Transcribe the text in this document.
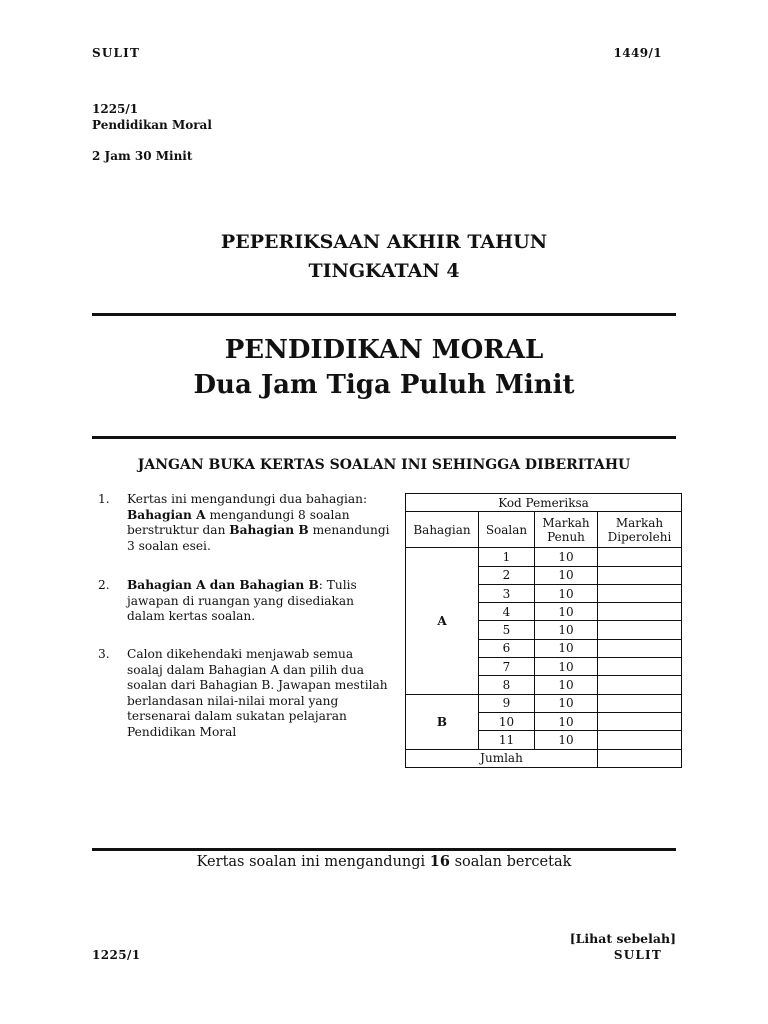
SULIT	1449/1
1225/1
Pendidikan Moral
2 Jam 30 Minit
PEPERIKSAAN AKHIR TAHUN
TINGKATAN 4
PENDIDIKAN MORAL
Dua Jam Tiga Puluh Minit
JANGAN BUKA KERTAS SOALAN INI SEHINGGA DIBERITAHU
1.	Kertas ini mengandungi dua bahagian: Bahagian A mengandungi 8 soalan berstruktur dan Bahagian B menandungi 3 soalan esei.
2.	Bahagian A dan Bahagian B: Tulis jawapan di ruangan yang disediakan dalam kertas soalan.
3.	Calon dikehendaki menjawab semua soalaj dalam Bahagian A dan pilih dua soalan dari Bahagian B. Jawapan mestilah berlandasan nilai-nilai moral yang tersenarai dalam sukatan pelajaran Pendidikan Moral
Kod Pemeriksa			
Bahagian	Soalan	Markah Penuh	Markah Diperolehi
A	1	10	
	2	10	
	3	10	
	4	10	
	5	10	
	6	10	
	7	10	
	8	10	
B	9	10	
	10	10	
	11	10	
Jumlah			
Kertas soalan ini mengandungi 16 soalan bercetak
[Lihat sebelah]
1225/1	SULIT
